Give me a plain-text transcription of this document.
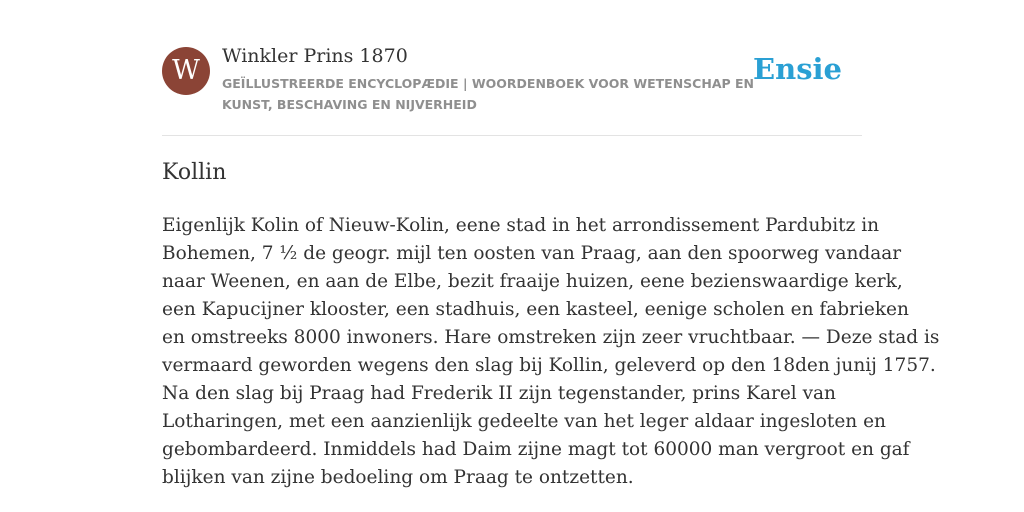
W	Winkler Prins 1870
GEÏLLUSTREERDE ENCYCLOPÆDIE | WOORDENBOEK VOOR WETENSCHAP EN KUNST, BESCHAVING EN NIJVERHEID
Ensie
Kollin

Eigenlijk Kolin of Nieuw-Kolin, eene stad in het arrondissement Pardubitz in
Bohemen, 7 ½ de geogr. mijl ten oosten van Praag, aan den spoorweg vandaar
naar Weenen, en aan de Elbe, bezit fraaije huizen, eene bezienswaardige kerk,
een Kapucijner klooster, een stadhuis, een kasteel, eenige scholen en fabrieken
en omstreeks 8000 inwoners. Hare omstreken zijn zeer vruchtbaar. — Deze stad is
vermaard geworden wegens den slag bij Kollin, geleverd op den 18den junij 1757.
Na den slag bij Praag had Frederik II zijn tegenstander, prins Karel van
Lotharingen, met een aanzienlijk gedeelte van het leger aldaar ingesloten en
gebombardeerd. Inmiddels had Daim zijne magt tot 60000 man vergroot en gaf
blijken van zijne bedoeling om Praag te ontzetten.
